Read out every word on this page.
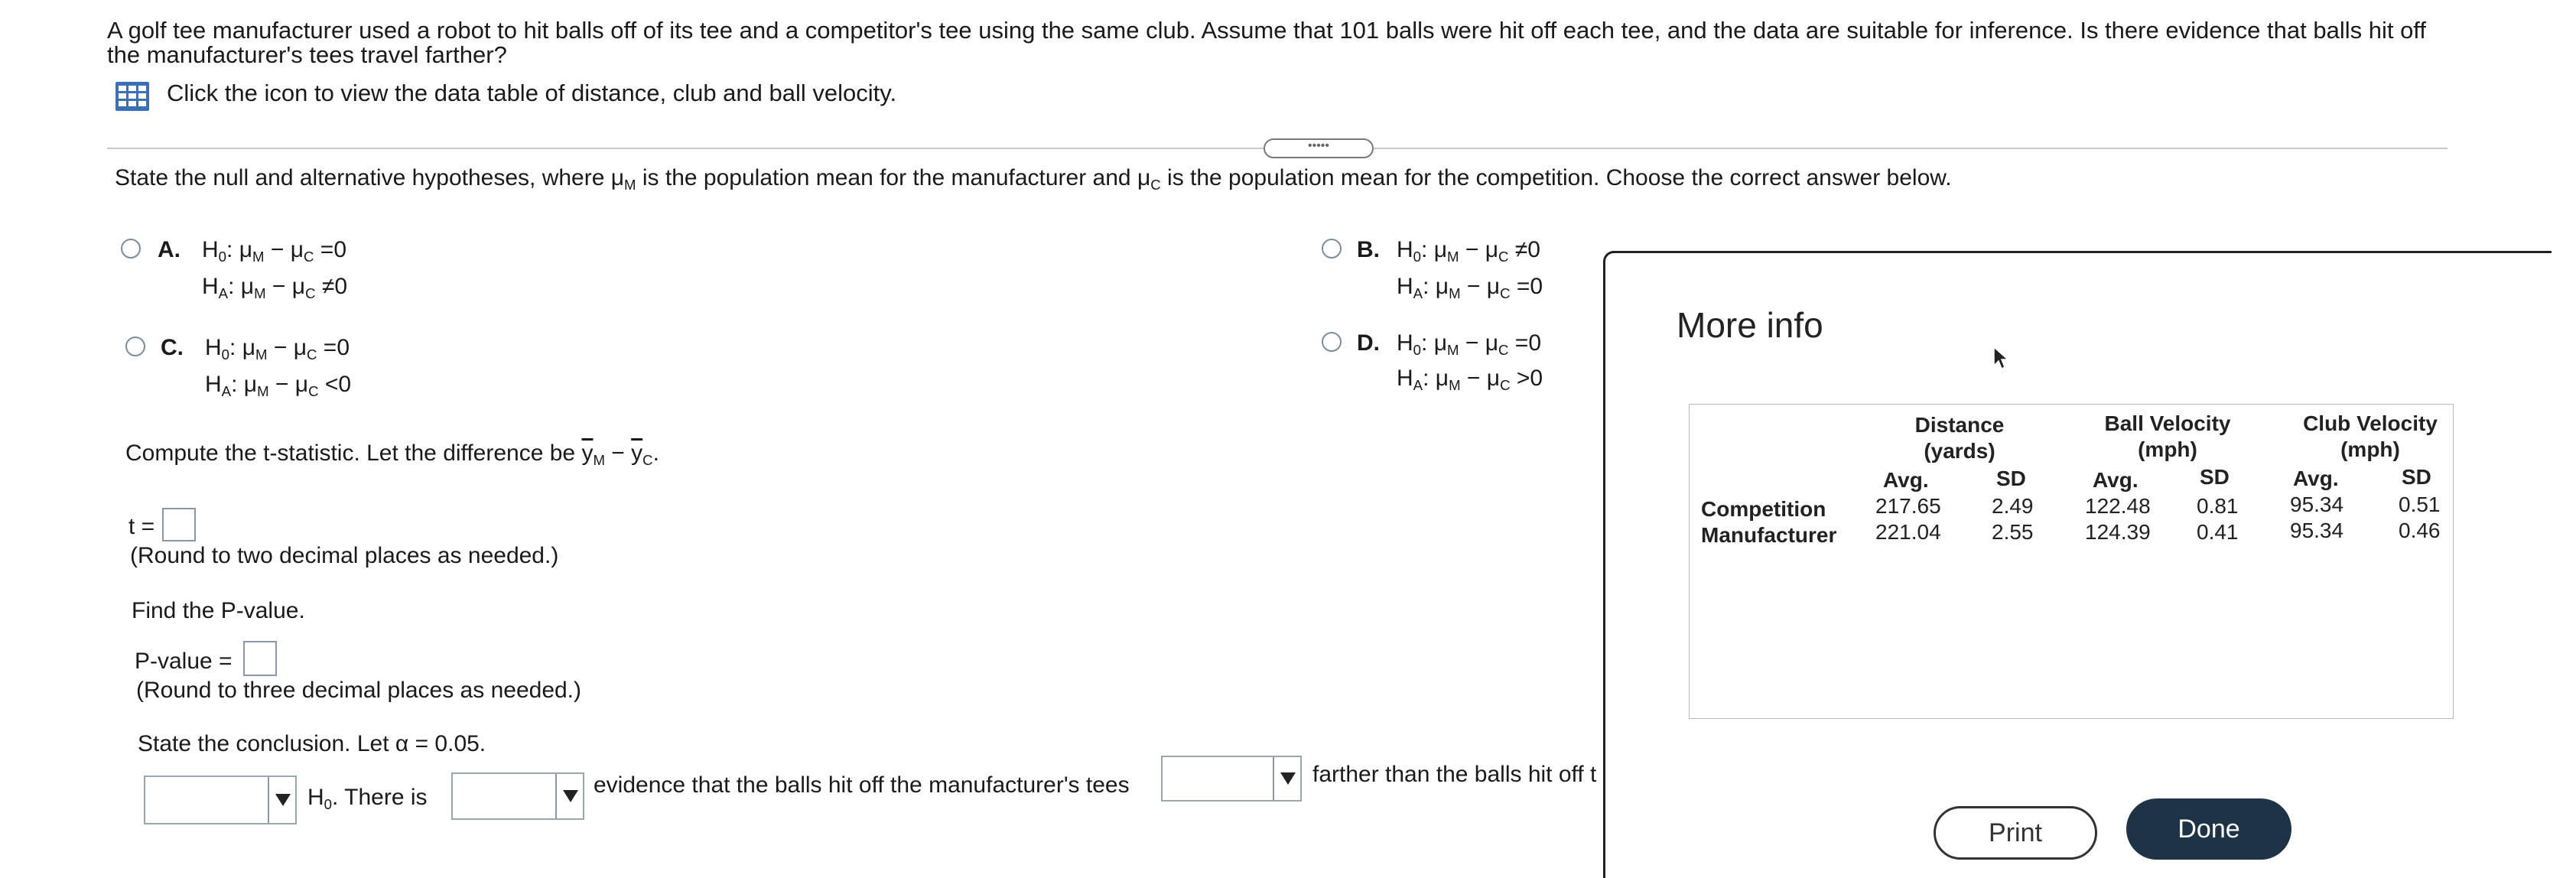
A golf tee manufacturer used a robot to hit balls off of its tee and a competitor's tee using the same club. Assume that 101 balls were hit off each tee, and the data are suitable for inference. Is there evidence that balls hit off
the manufacturer's tees travel farther?
Click the icon to view the data table of distance, club and ball velocity.
•••••
State the null and alternative hypotheses, where $\mu_M$ is the population mean for the manufacturer and $\mu_C$ is the population mean for the competition. Choose the correct answer below.
A. $H_0$: $\mu_M - \mu_C =0$
$H_A$: $\mu_M - \mu_C \ne 0$
B. $H_0$: $\mu_M - \mu_C \ne 0$
$H_A$: $\mu_M - \mu_C =0$
C. $H_0$: $\mu_M - \mu_C =0$
$H_A$: $\mu_M - \mu_C <0$
D. $H_0$: $\mu_M - \mu_C =0$
$H_A$: $\mu_M - \mu_C >0$
Compute the t-statistic. Let the difference be $\overline{y}_M - \overline{y}_C$.
t =
(Round to two decimal places as needed.)
Find the P-value.
P-value =
(Round to three decimal places as needed.)
State the conclusion. Let α = 0.05.
$H_0$. There is	evidence that the balls hit off the manufacturer's tees	farther than the balls hit off t
More info
Distance
(yards)
Ball Velocity
(mph)
Club Velocity
(mph)
Avg.	SD	Avg.	SD	Avg.	SD
Competition 217.65 2.49 122.48 0.81 95.34	0.51
Manufacturer 221.04 2.55 124.39 0.41 95.34	0.46
Print	Done
